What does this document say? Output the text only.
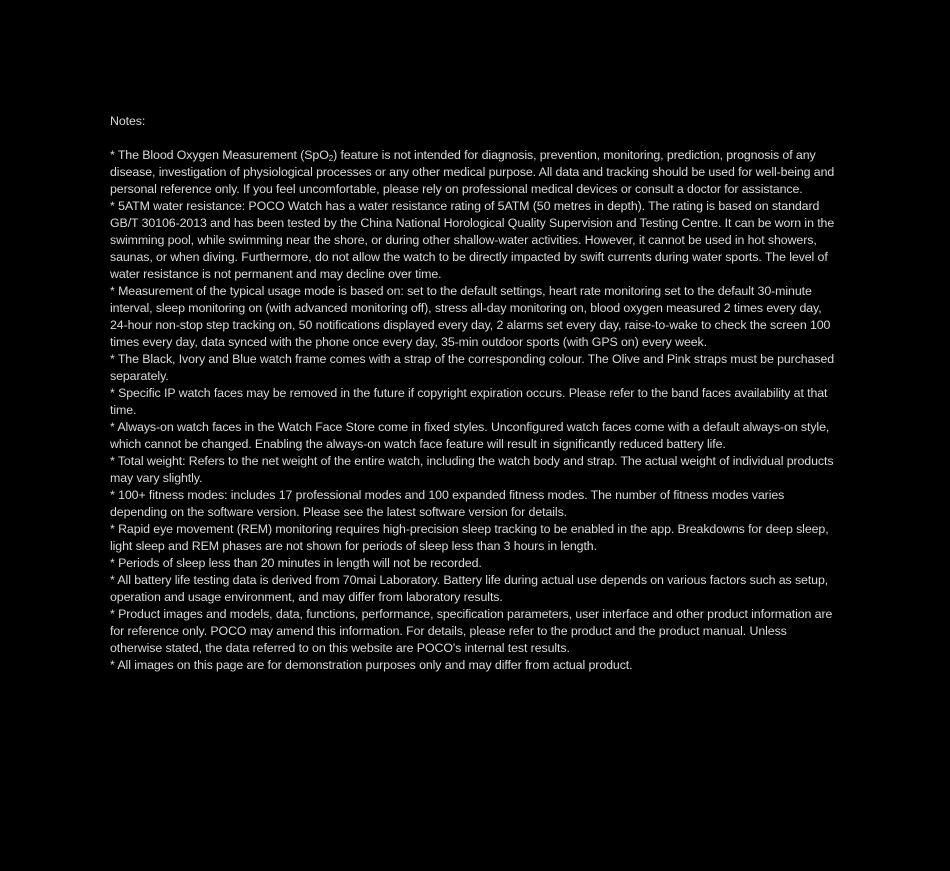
Notes:
* The Blood Oxygen Measurement (SpO$_2$) feature is not intended for diagnosis, prevention, monitoring, prediction, prognosis of any disease, investigation of physiological processes or any other medical purpose. All data and tracking should be used for well-being and personal reference only. If you feel uncomfortable, please rely on professional medical devices or consult a doctor for assistance.
* 5ATM water resistance: POCO Watch has a water resistance rating of 5ATM (50 metres in depth). The rating is based on standard GB/T 30106-2013 and has been tested by the China National Horological Quality Supervision and Testing Centre. It can be worn in the swimming pool, while swimming near the shore, or during other shallow-water activities. However, it cannot be used in hot showers, saunas, or when diving. Furthermore, do not allow the watch to be directly impacted by swift currents during water sports. The level of water resistance is not permanent and may decline over time.
* Measurement of the typical usage mode is based on: set to the default settings, heart rate monitoring set to the default 30-minute interval, sleep monitoring on (with advanced monitoring off), stress all-day monitoring on, blood oxygen measured 2 times every day, 24-hour non-stop step tracking on, 50 notifications displayed every day, 2 alarms set every day, raise-to-wake to check the screen 100 times every day, data synced with the phone once every day, 35-min outdoor sports (with GPS on) every week.
* The Black, Ivory and Blue watch frame comes with a strap of the corresponding colour. The Olive and Pink straps must be purchased separately.
* Specific IP watch faces may be removed in the future if copyright expiration occurs. Please refer to the band faces availability at that time.
* Always-on watch faces in the Watch Face Store come in fixed styles. Unconfigured watch faces come with a default always-on style, which cannot be changed. Enabling the always-on watch face feature will result in significantly reduced battery life.
* Total weight: Refers to the net weight of the entire watch, including the watch body and strap. The actual weight of individual products may vary slightly.
* 100+ fitness modes: includes 17 professional modes and 100 expanded fitness modes. The number of fitness modes varies depending on the software version. Please see the latest software version for details.
* Rapid eye movement (REM) monitoring requires high-precision sleep tracking to be enabled in the app. Breakdowns for deep sleep, light sleep and REM phases are not shown for periods of sleep less than 3 hours in length.
* Periods of sleep less than 20 minutes in length will not be recorded.
* All battery life testing data is derived from 70mai Laboratory. Battery life during actual use depends on various factors such as setup, operation and usage environment, and may differ from laboratory results.
* Product images and models, data, functions, performance, specification parameters, user interface and other product information are for reference only. POCO may amend this information. For details, please refer to the product and the product manual. Unless otherwise stated, the data referred to on this website are POCO's internal test results.
* All images on this page are for demonstration purposes only and may differ from actual product.
